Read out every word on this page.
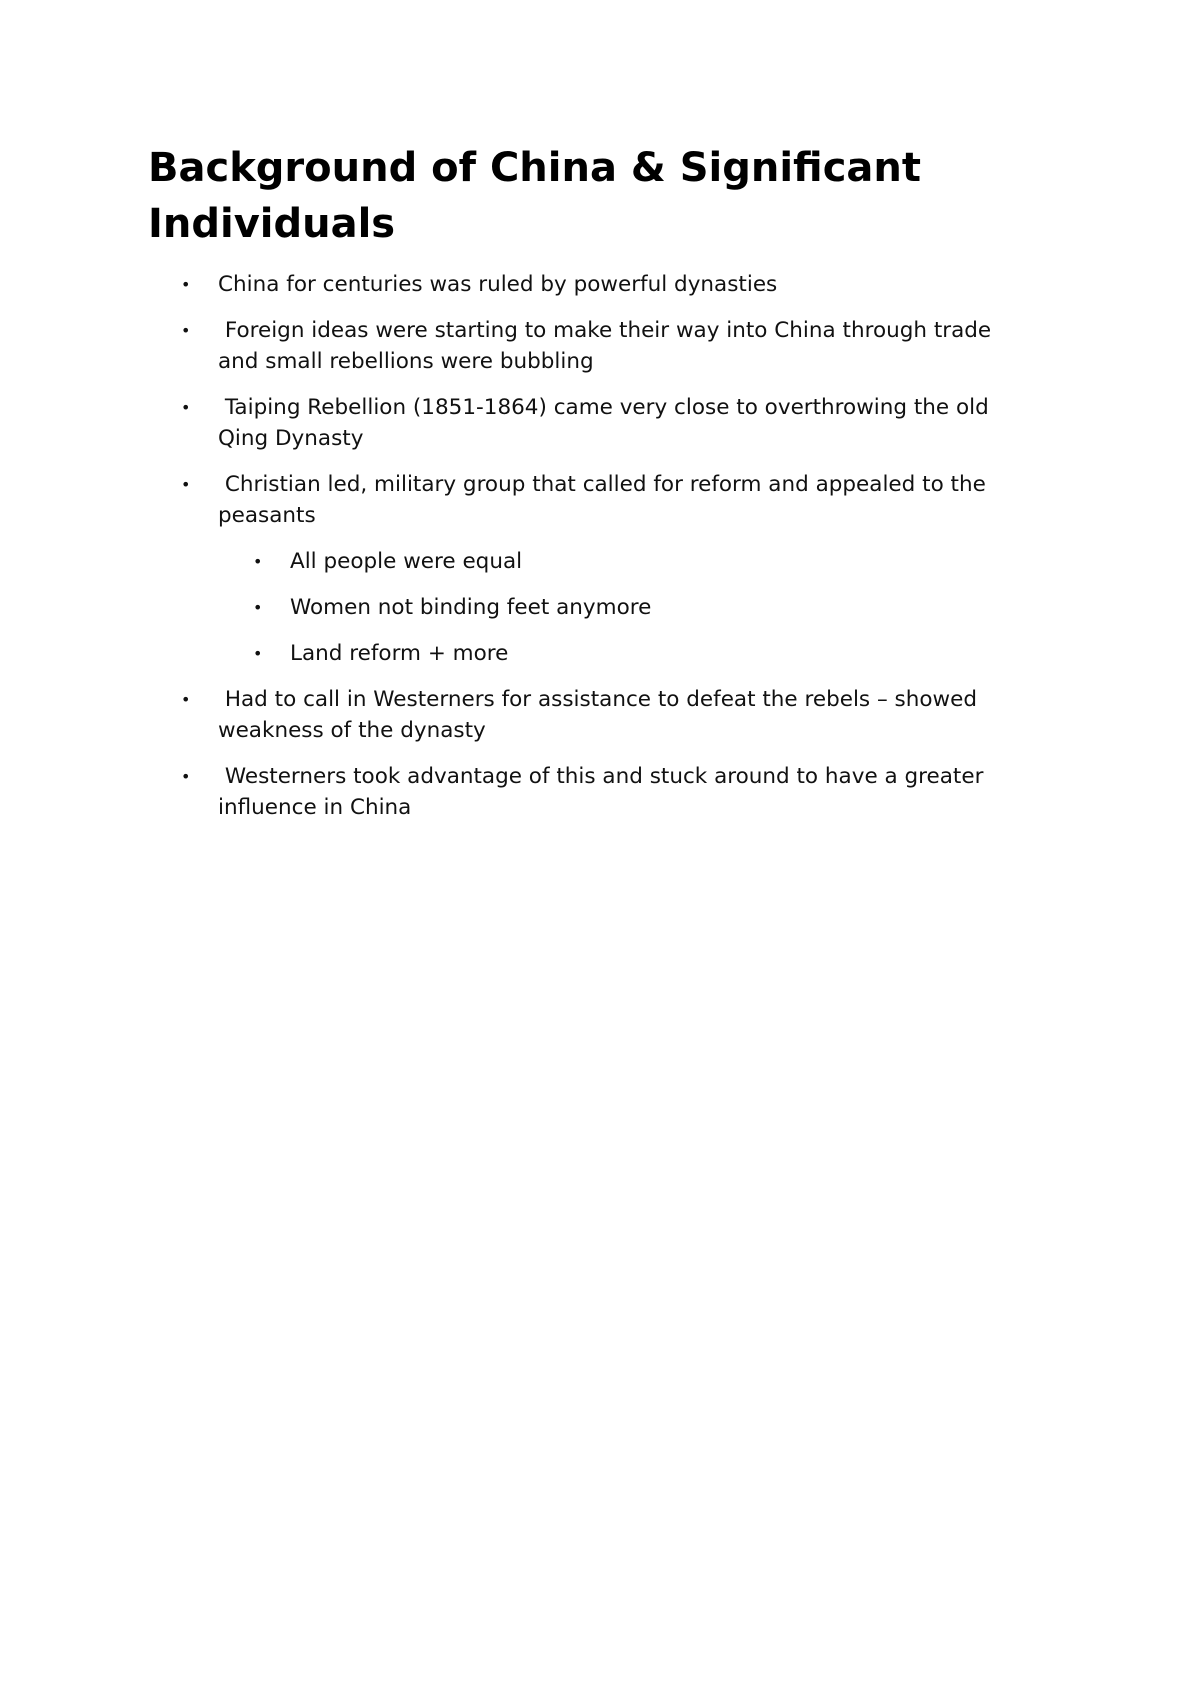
Background of China & Significant Individuals
• China for centuries was ruled by powerful dynasties
• Foreign ideas were starting to make their way into China through trade and small rebellions were bubbling
• Taiping Rebellion (1851-1864) came very close to overthrowing the old Qing Dynasty
• Christian led, military group that called for reform and appealed to the peasants
• All people were equal
• Women not binding feet anymore
• Land reform + more
• Had to call in Westerners for assistance to defeat the rebels – showed weakness of the dynasty
• Westerners took advantage of this and stuck around to have a greater influence in China
